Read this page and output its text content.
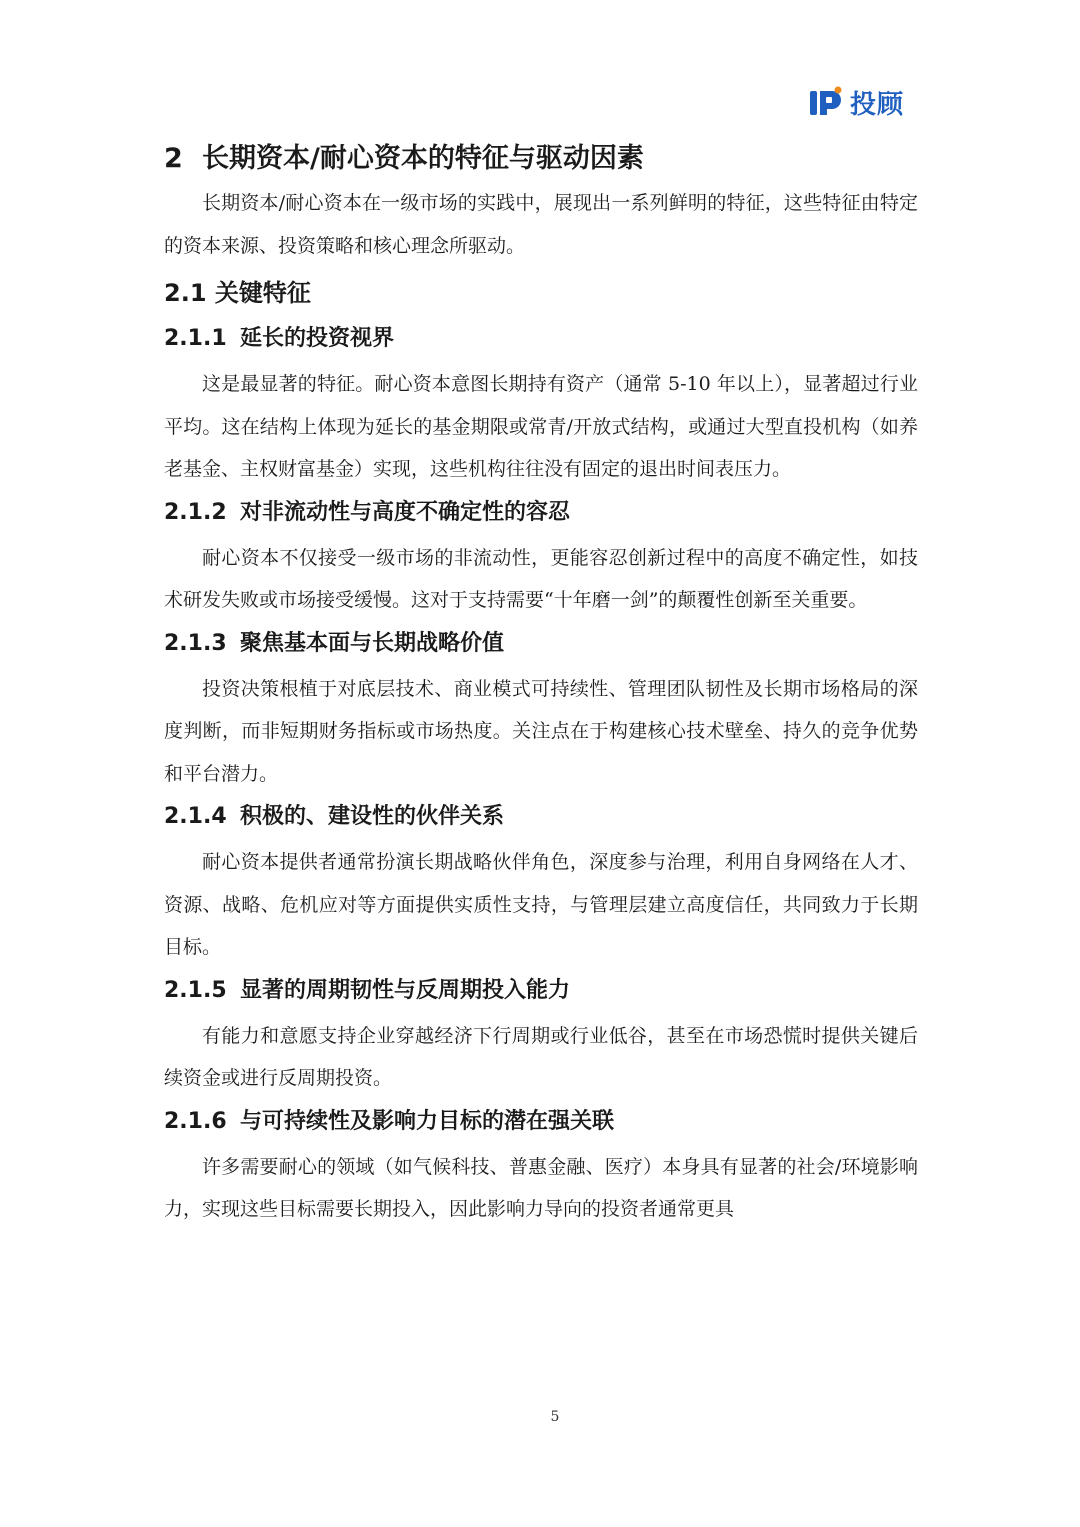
投顾
2 长期资本/耐心资本的特征与驱动因素

长期资本/耐心资本在一级市场的实践中，展现出一系列鲜明的特征，这些特征由特定的资本来源、投资策略和核心理念所驱动。

2.1 关键特征
2.1.1 延长的投资视界

这是最显著的特征。耐心资本意图长期持有资产（通常 5-10 年以上），显著超过行业平均。这在结构上体现为延长的基金期限或常青/开放式结构，或通过大型直投机构（如养老基金、主权财富基金）实现，这些机构往往没有固定的退出时间表压力。

2.1.2 对非流动性与高度不确定性的容忍

耐心资本不仅接受一级市场的非流动性，更能容忍创新过程中的高度不确定性，如技术研发失败或市场接受缓慢。这对于支持需要“十年磨一剑”的颠覆性创新至关重要。

2.1.3 聚焦基本面与长期战略价值

投资决策根植于对底层技术、商业模式可持续性、管理团队韧性及长期市场格局的深度判断，而非短期财务指标或市场热度。关注点在于构建核心技术壁垒、持久的竞争优势和平台潜力。

2.1.4 积极的、建设性的伙伴关系

耐心资本提供者通常扮演长期战略伙伴角色，深度参与治理，利用自身网络在人才、资源、战略、危机应对等方面提供实质性支持，与管理层建立高度信任，共同致力于长期目标。

2.1.5 显著的周期韧性与反周期投入能力

有能力和意愿支持企业穿越经济下行周期或行业低谷，甚至在市场恐慌时提供关键后续资金或进行反周期投资。

2.1.6 与可持续性及影响力目标的潜在强关联

许多需要耐心的领域（如气候科技、普惠金融、医疗）本身具有显著的社会/环境影响力，实现这些目标需要长期投入，因此影响力导向的投资者通常更具

5
